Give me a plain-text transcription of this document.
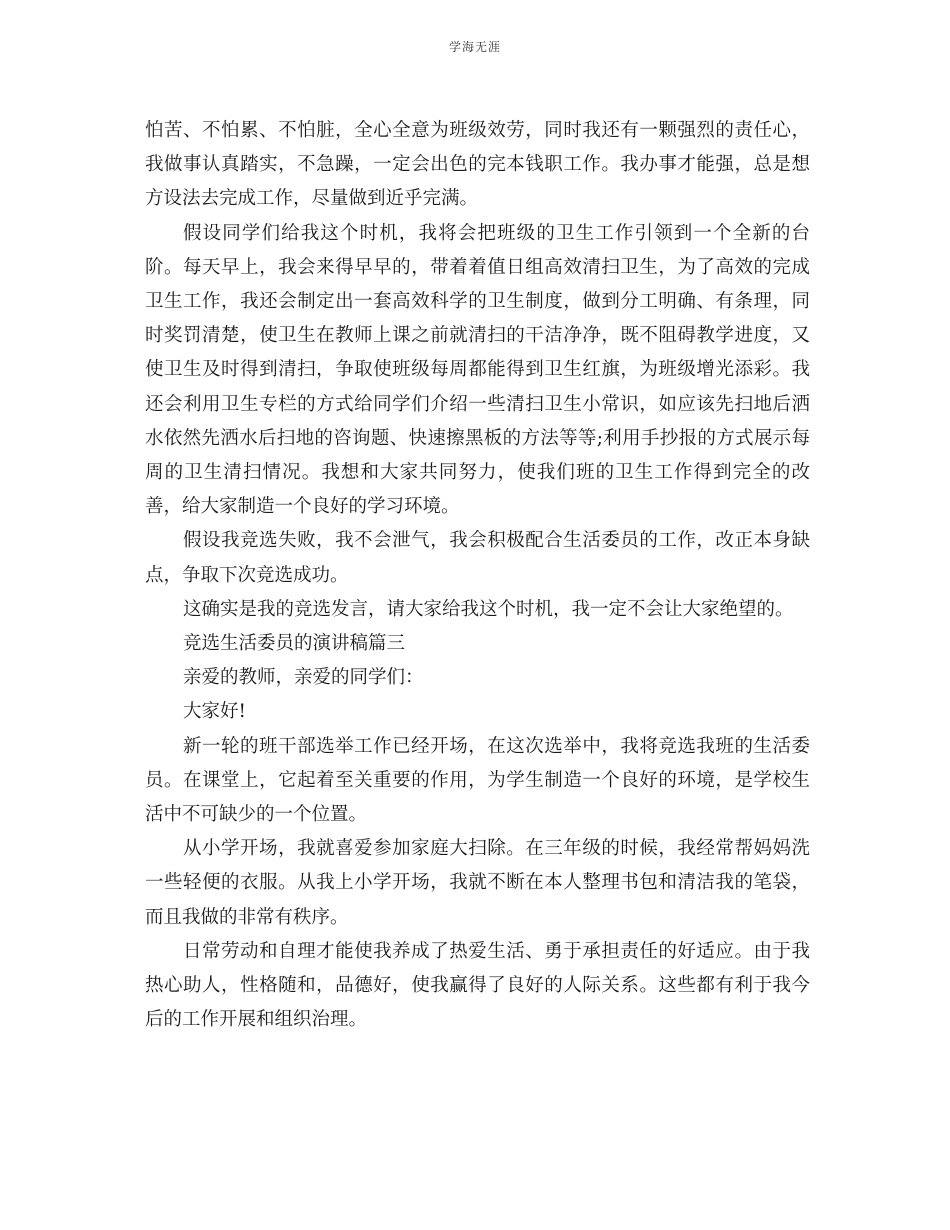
学海无涯

怕苦、不怕累、不怕脏，全心全意为班级效劳，同时我还有一颗强烈的责任心，我做事认真踏实，不急躁，一定会出色的完本钱职工作。我办事才能强，总是想方设法去完成工作，尽量做到近乎完满。

假设同学们给我这个时机，我将会把班级的卫生工作引领到一个全新的台阶。每天早上，我会来得早早的，带着着值日组高效清扫卫生，为了高效的完成卫生工作，我还会制定出一套高效科学的卫生制度，做到分工明确、有条理，同时奖罚清楚，使卫生在教师上课之前就清扫的干洁净净，既不阻碍教学进度，又使卫生及时得到清扫，争取使班级每周都能得到卫生红旗，为班级增光添彩。我还会利用卫生专栏的方式给同学们介绍一些清扫卫生小常识，如应该先扫地后洒水依然先洒水后扫地的咨询题、快速擦黑板的方法等等;利用手抄报的方式展示每周的卫生清扫情况。我想和大家共同努力，使我们班的卫生工作得到完全的改善，给大家制造一个良好的学习环境。

假设我竞选失败，我不会泄气，我会积极配合生活委员的工作，改正本身缺点，争取下次竞选成功。

这确实是我的竞选发言，请大家给我这个时机，我一定不会让大家绝望的。

竞选生活委员的演讲稿篇三

亲爱的教师，亲爱的同学们：

大家好!

新一轮的班干部选举工作已经开场，在这次选举中，我将竞选我班的生活委员。在课堂上，它起着至关重要的作用，为学生制造一个良好的环境，是学校生活中不可缺少的一个位置。

从小学开场，我就喜爱参加家庭大扫除。在三年级的时候，我经常帮妈妈洗一些轻便的衣服。从我上小学开场，我就不断在本人整理书包和清洁我的笔袋，而且我做的非常有秩序。

日常劳动和自理才能使我养成了热爱生活、勇于承担责任的好适应。由于我热心助人，性格随和，品德好，使我赢得了良好的人际关系。这些都有利于我今后的工作开展和组织治理。
